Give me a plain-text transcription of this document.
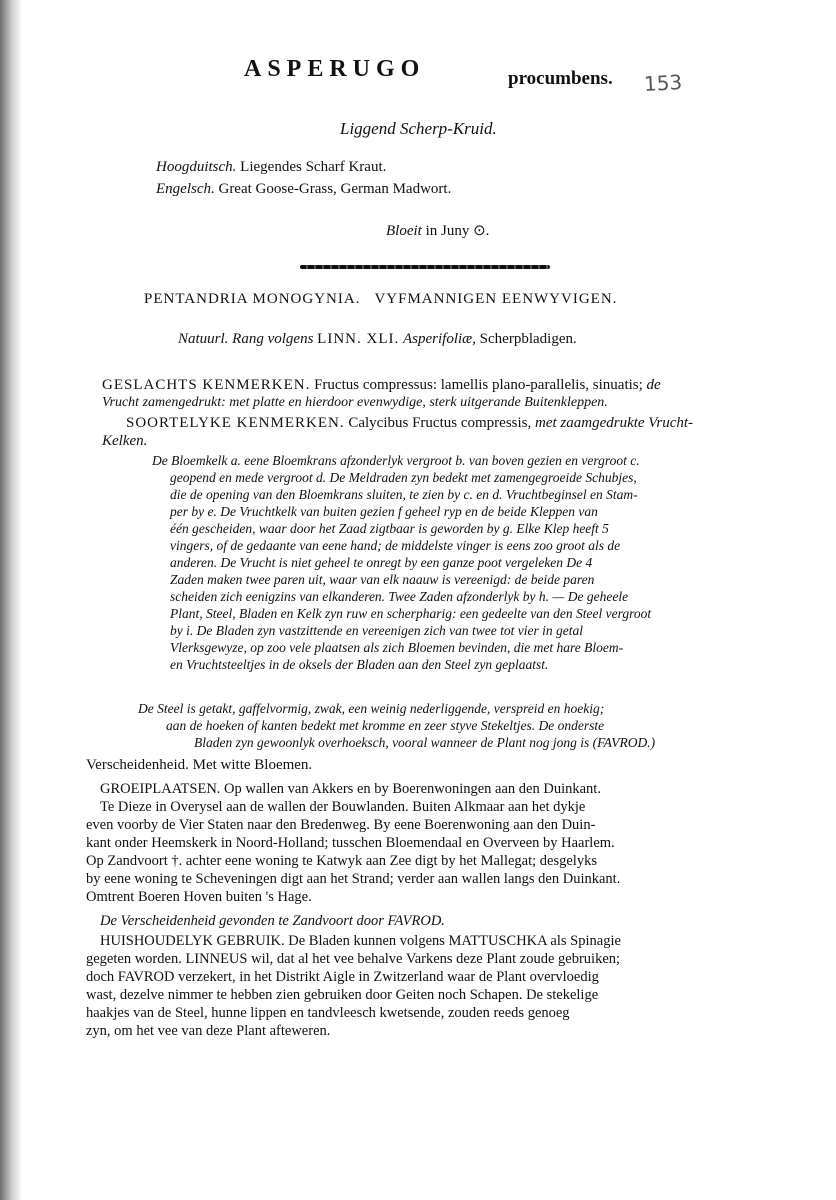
ASPERUGO	procumbens. 153
Liggend Scherp-Kruid.
Hoogduitsch. Liegendes Scharf Kraut.
Engelsch. Great Goose-Grass, German Madwort.
Bloeit in Juny ⊙.
PENTANDRIA MONOGYNIA. VYFMANNIGEN EENWYVIGEN.
Natuurl. Rang volgens LINN. XLI. Asperifoliæ, Scherpbladigen.

GESLACHTS KENMERKEN. Fructus compressus: lamellis plano-parallelis, sinuatis; de

Vrucht zamengedrukt: met platte en hierdoor evenwydige, sterk uitgerande Buitenkleppen.

SOORTELYKE KENMERKEN. Calycibus Fructus compressis, met zaamgedrukte Vrucht-

Kelken.

De Bloemkelk a. eene Bloemkrans afzonderlyk vergroot b. van boven gezien en vergroot c.

geopend en mede vergroot d. De Meldraden zyn bedekt met zamengegroeide Schubjes,

die de opening van den Bloemkrans sluiten, te zien by c. en d. Vruchtbeginsel en Stam-

per by e. De Vruchtkelk van buiten gezien f geheel ryp en de beide Kleppen van

één gescheiden, waar door het Zaad zigtbaar is geworden by g. Elke Klep heeft 5

vingers, of de gedaante van eene hand; de middelste vinger is eens zoo groot als de

anderen. De Vrucht is niet geheel te onregt by een ganze poot vergeleken De 4

Zaden maken twee paren uit, waar van elk naauw is vereenigd: de beide paren

scheiden zich eenigzins van elkanderen. Twee Zaden afzonderlyk by h. — De geheele

Plant, Steel, Bladen en Kelk zyn ruw en scherpharig: een gedeelte van den Steel vergroot

by i. De Bladen zyn vastzittende en vereenigen zich van twee tot vier in getal

Vlerksgewyze, op zoo vele plaatsen als zich Bloemen bevinden, die met hare Bloem-

en Vruchtsteeltjes in de oksels der Bladen aan den Steel zyn geplaatst.

De Steel is getakt, gaffelvormig, zwak, een weinig nederliggende, verspreid en hoekig;

aan de hoeken of kanten bedekt met kromme en zeer styve Stekeltjes. De onderste

Bladen zyn gewoonlyk overhoeksch, vooral wanneer de Plant nog jong is (FAVROD.)

Verscheidenheid. Met witte Bloemen.

GROEIPLAATSEN. Op wallen van Akkers en by Boerenwoningen aan den Duinkant.

Te Dieze in Overysel aan de wallen der Bouwlanden. Buiten Alkmaar aan het dykje

even voorby de Vier Staten naar den Bredenweg. By eene Boerenwoning aan den Duin-

kant onder Heemskerk in Noord-Holland; tusschen Bloemendaal en Overveen by Haarlem.

Op Zandvoort †. achter eene woning te Katwyk aan Zee digt by het Mallegat; desgelyks

by eene woning te Scheveningen digt aan het Strand; verder aan wallen langs den Duinkant.

Omtrent Boeren Hoven buiten 's Hage.

De Verscheidenheid gevonden te Zandvoort door FAVROD.

HUISHOUDELYK GEBRUIK. De Bladen kunnen volgens MATTUSCHKA als Spinagie

gegeten worden. LINNEUS wil, dat al het vee behalve Varkens deze Plant zoude gebruiken;

doch FAVROD verzekert, in het Distrikt Aigle in Zwitzerland waar de Plant overvloedig

wast, dezelve nimmer te hebben zien gebruiken door Geiten noch Schapen. De stekelige

haakjes van de Steel, hunne lippen en tandvleesch kwetsende, zouden reeds genoeg

zyn, om het vee van deze Plant afteweren.
